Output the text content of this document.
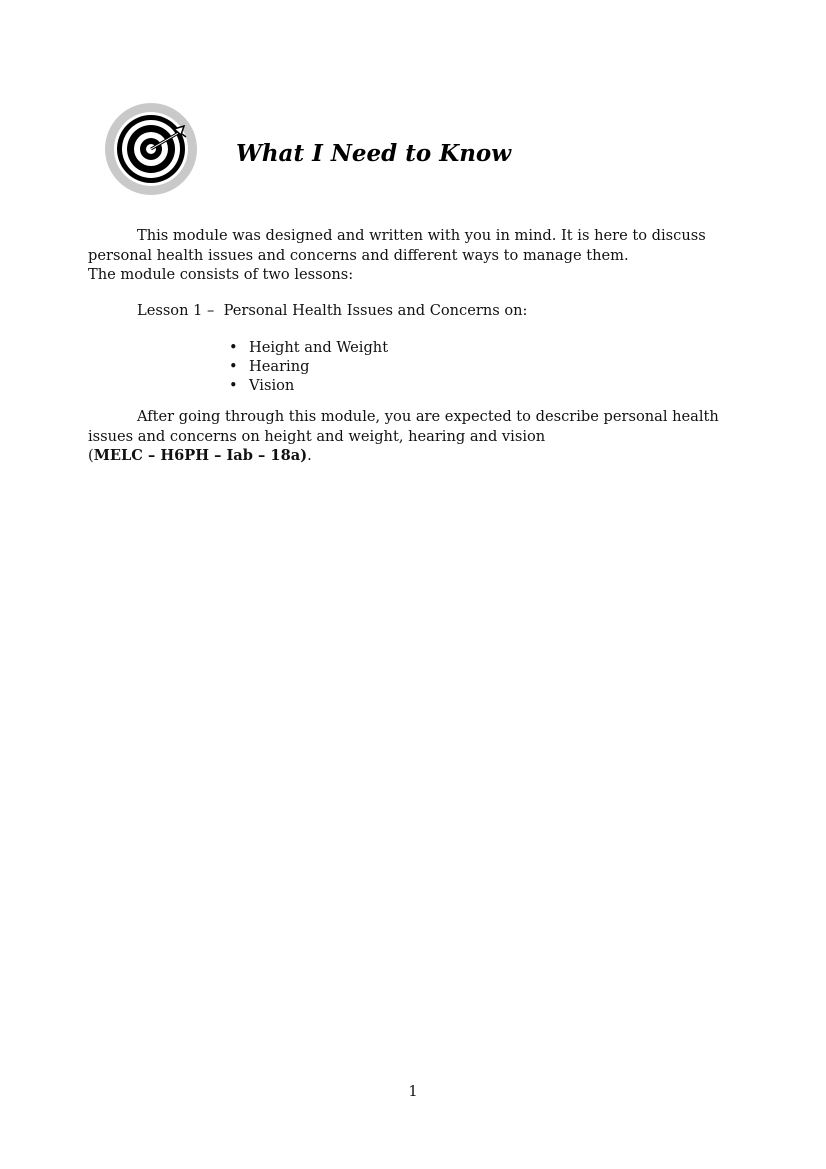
What I Need to Know

This module was designed and written with you in mind. It is here to discuss
personal health issues and concerns and different ways to manage them.
The module consists of two lessons:

Lesson 1 –  Personal Health Issues and Concerns on:

• Height and Weight
• Hearing
• Vision

After going through this module, you are expected to describe personal health
issues and concerns on height and weight, hearing and vision
(MELC – H6PH – Iab – 18a).

1
